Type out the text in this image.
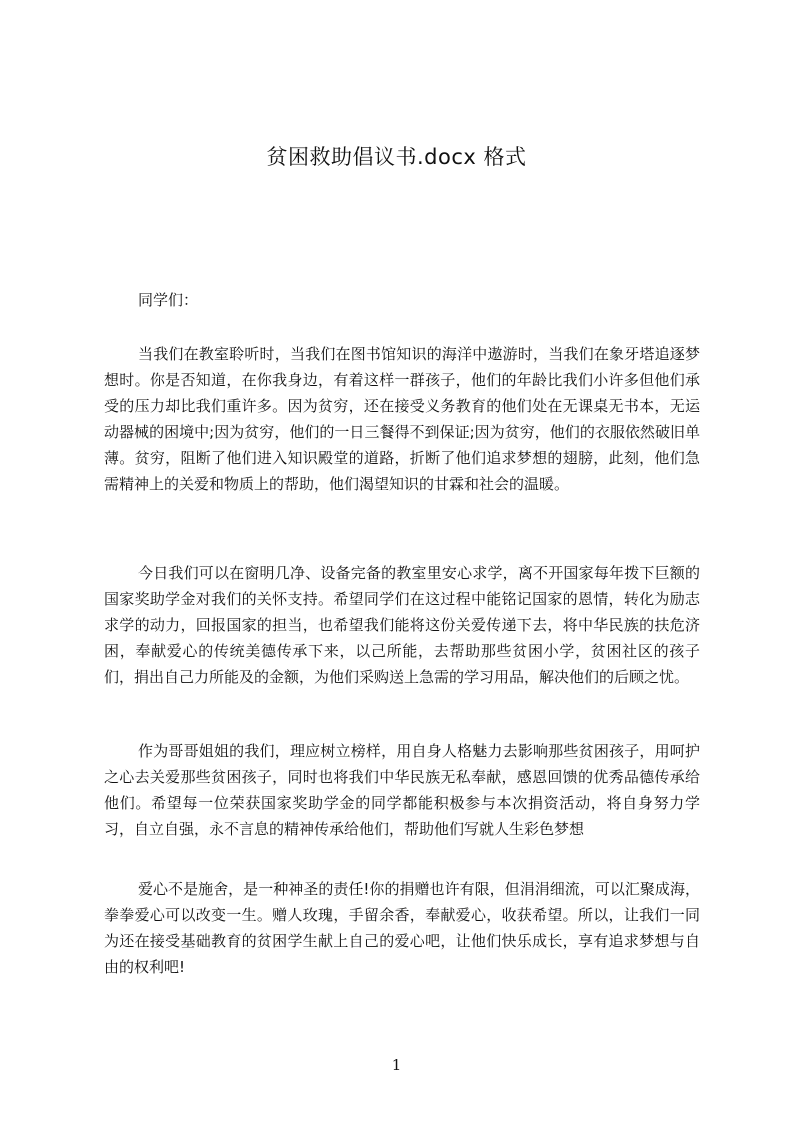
贫困救助倡议书.docx 格式
同学们：

当我们在教室聆听时，当我们在图书馆知识的海洋中遨游时，当我们在象牙塔追逐梦想时。你是否知道，在你我身边，有着这样一群孩子，他们的年龄比我们小许多但他们承受的压力却比我们重许多。因为贫穷，还在接受义务教育的他们处在无课桌无书本，无运动器械的困境中;因为贫穷，他们的一日三餐得不到保证;因为贫穷，他们的衣服依然破旧单薄。贫穷，阻断了他们进入知识殿堂的道路，折断了他们追求梦想的翅膀，此刻，他们急需精神上的关爱和物质上的帮助，他们渴望知识的甘霖和社会的温暖。

今日我们可以在窗明几净、设备完备的教室里安心求学，离不开国家每年拨下巨额的国家奖助学金对我们的关怀支持。希望同学们在这过程中能铭记国家的恩情，转化为励志求学的动力，回报国家的担当，也希望我们能将这份关爱传递下去，将中华民族的扶危济困，奉献爱心的传统美德传承下来，以己所能，去帮助那些贫困小学，贫困社区的孩子们，捐出自己力所能及的金额，为他们采购送上急需的学习用品，解决他们的后顾之忧。

作为哥哥姐姐的我们，理应树立榜样，用自身人格魅力去影响那些贫困孩子，用呵护之心去关爱那些贫困孩子，同时也将我们中华民族无私奉献，感恩回馈的优秀品德传承给他们。希望每一位荣获国家奖助学金的同学都能积极参与本次捐资活动，将自身努力学习，自立自强，永不言息的精神传承给他们，帮助他们写就人生彩色梦想

爱心不是施舍，是一种神圣的责任!你的捐赠也许有限，但涓涓细流，可以汇聚成海，拳拳爱心可以改变一生。赠人玫瑰，手留余香，奉献爱心，收获希望。所以，让我们一同为还在接受基础教育的贫困学生献上自己的爱心吧，让他们快乐成长，享有追求梦想与自由的权利吧!

1
